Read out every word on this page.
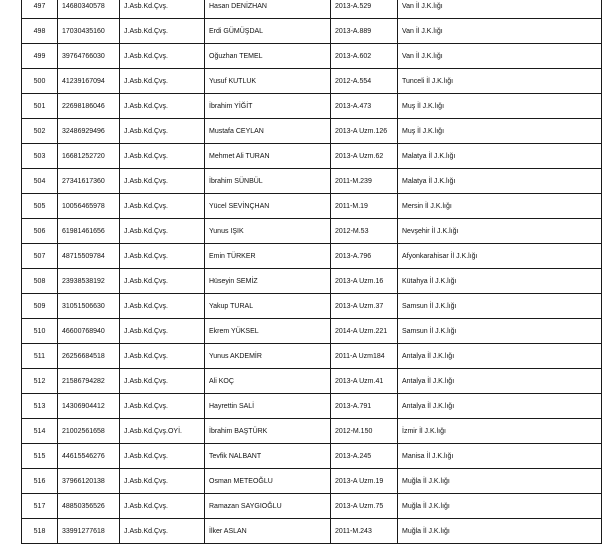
497	14680340578	J.Asb.Kd.Çvş.	Hasan DENİZHAN	2013-A.529	Van İl J.K.lığı
498	17030435160	J.Asb.Kd.Çvş.	Erdi GÜMÜŞDAL	2013-A.889	Van İl J.K.lığı
499	39764766030	J.Asb.Kd.Çvş.	Oğuzhan TEMEL	2013-A.602	Van İl J.K.lığı
500	41239167094	J.Asb.Kd.Çvş.	Yusuf KUTLUK	2012-A.554	Tunceli İl J.K.lığı
501	22698186046	J.Asb.Kd.Çvş.	İbrahim YİĞİT	2013-A.473	Muş İl J.K.lığı
502	32486929496	J.Asb.Kd.Çvş.	Mustafa CEYLAN	2013-A Uzm.126	Muş İl J.K.lığı
503	16681252720	J.Asb.Kd.Çvş.	Mehmet Ali TURAN	2013-A Uzm.62	Malatya İl J.K.lığı
504	27341617360	J.Asb.Kd.Çvş.	İbrahim SÜNBÜL	2011-M.239	Malatya İl J.K.lığı
505	10056465978	J.Asb.Kd.Çvş.	Yücel SEVİNÇHAN	2011-M.19	Mersin İl J.K.lığı
506	61981461656	J.Asb.Kd.Çvş.	Yunus IŞIK	2012-M.53	Nevşehir İl J.K.lığı
507	48715509784	J.Asb.Kd.Çvş.	Emin TÜRKER	2013-A.796	Afyonkarahisar İl J.K.lığı
508	23938538192	J.Asb.Kd.Çvş.	Hüseyin SEMİZ	2013-A Uzm.16	Kütahya İl J.K.lığı
509	31051506630	J.Asb.Kd.Çvş.	Yakup TURAL	2013-A Uzm.37	Samsun İl J.K.lığı
510	46600768940	J.Asb.Kd.Çvş.	Ekrem YÜKSEL	2014-A Uzm.221	Samsun İl J.K.lığı
511	26256684518	J.Asb.Kd.Çvş.	Yunus AKDEMİR	2011-A Uzm184	Antalya İl J.K.lığı
512	21586794282	J.Asb.Kd.Çvş.	Ali KOÇ	2013-A Uzm.41	Antalya İl J.K.lığı
513	14306904412	J.Asb.Kd.Çvş.	Hayrettin SALİ	2013-A.791	Antalya İl J.K.lığı
514	21002561658	J.Asb.Kd.Çvş.OYİ.	İbrahim BAŞTÜRK	2012-M.150	İzmir İl J.K.lığı
515	44615546276	J.Asb.Kd.Çvş.	Tevfik NALBANT	2013-A.245	Manisa İl J.K.lığı
516	37966120138	J.Asb.Kd.Çvş.	Osman METEOĞLU	2013-A Uzm.19	Muğla İl J.K.lığı
517	48850356526	J.Asb.Kd.Çvş.	Ramazan SAYGIOĞLU	2013-A Uzm.75	Muğla İl J.K.lığı
518	33991277618	J.Asb.Kd.Çvş.	İlker ASLAN	2011-M.243	Muğla İl J.K.lığı
